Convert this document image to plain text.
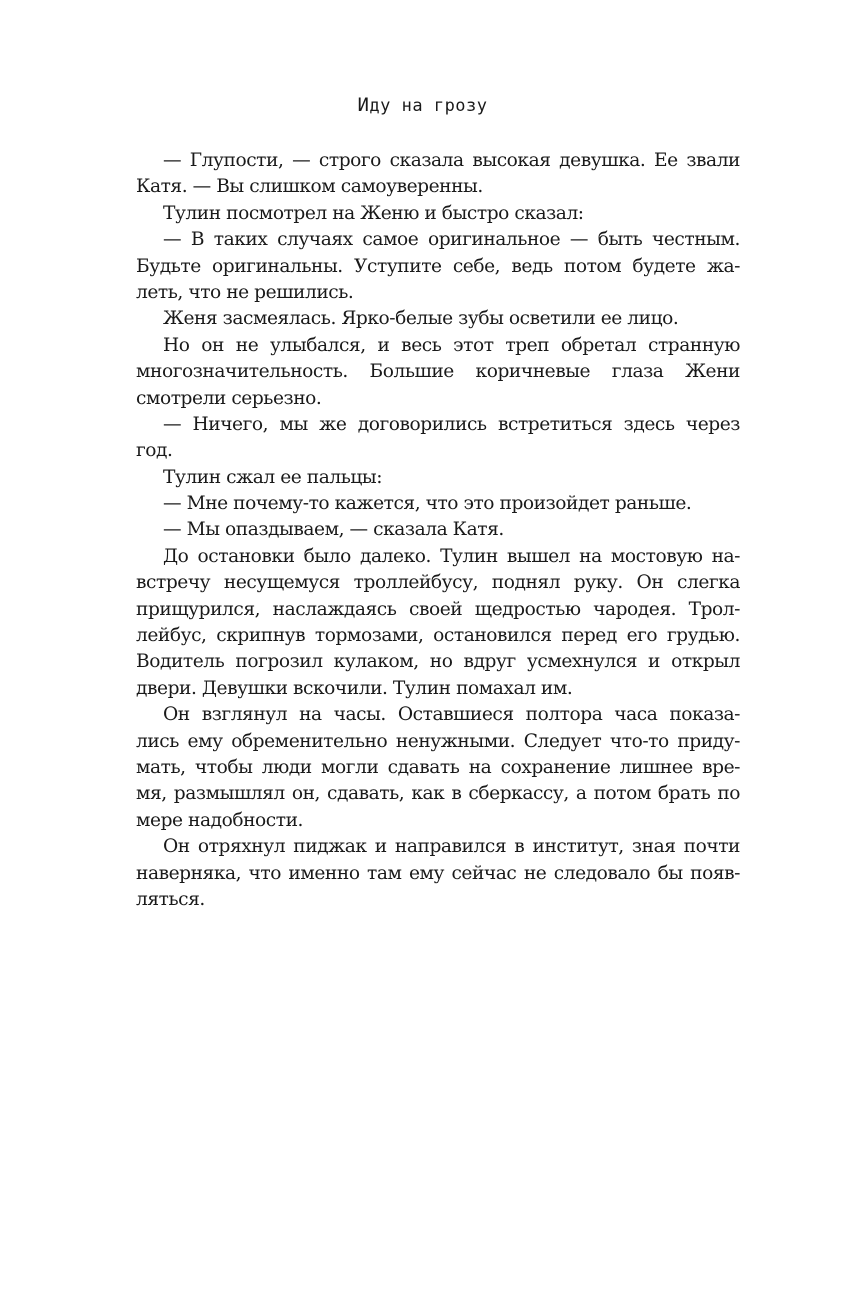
Иду на грозу
— Глупости, — строго сказала высокая девушка. Ее звали
Катя. — Вы слишком самоуверенны.
Тулин посмотрел на Женю и быстро сказал:
— В таких случаях самое оригинальное — быть честным.
Будьте оригинальны. Уступите себе, ведь потом будете жа-
леть, что не решились.
Женя засмеялась. Ярко-белые зубы осветили ее лицо.
Но он не улыбался, и весь этот треп обретал странную
многозначительность. Большие коричневые глаза Жени
смотрели серьезно.
— Ничего, мы же договорились встретиться здесь через
год.
Тулин сжал ее пальцы:
— Мне почему-то кажется, что это произойдет раньше.
— Мы опаздываем, — сказала Катя.
До остановки было далеко. Тулин вышел на мостовую на-
встречу несущемуся троллейбусу, поднял руку. Он слегка
прищурился, наслаждаясь своей щедростью чародея. Трол-
лейбус, скрипнув тормозами, остановился перед его грудью.
Водитель погрозил кулаком, но вдруг усмехнулся и открыл
двери. Девушки вскочили. Тулин помахал им.
Он взглянул на часы. Оставшиеся полтора часа показа-
лись ему обременительно ненужными. Следует что-то приду-
мать, чтобы люди могли сдавать на сохранение лишнее вре-
мя, размышлял он, сдавать, как в сберкассу, а потом брать по
мере надобности.
Он отряхнул пиджак и направился в институт, зная почти
наверняка, что именно там ему сейчас не следовало бы появ-
ляться.
